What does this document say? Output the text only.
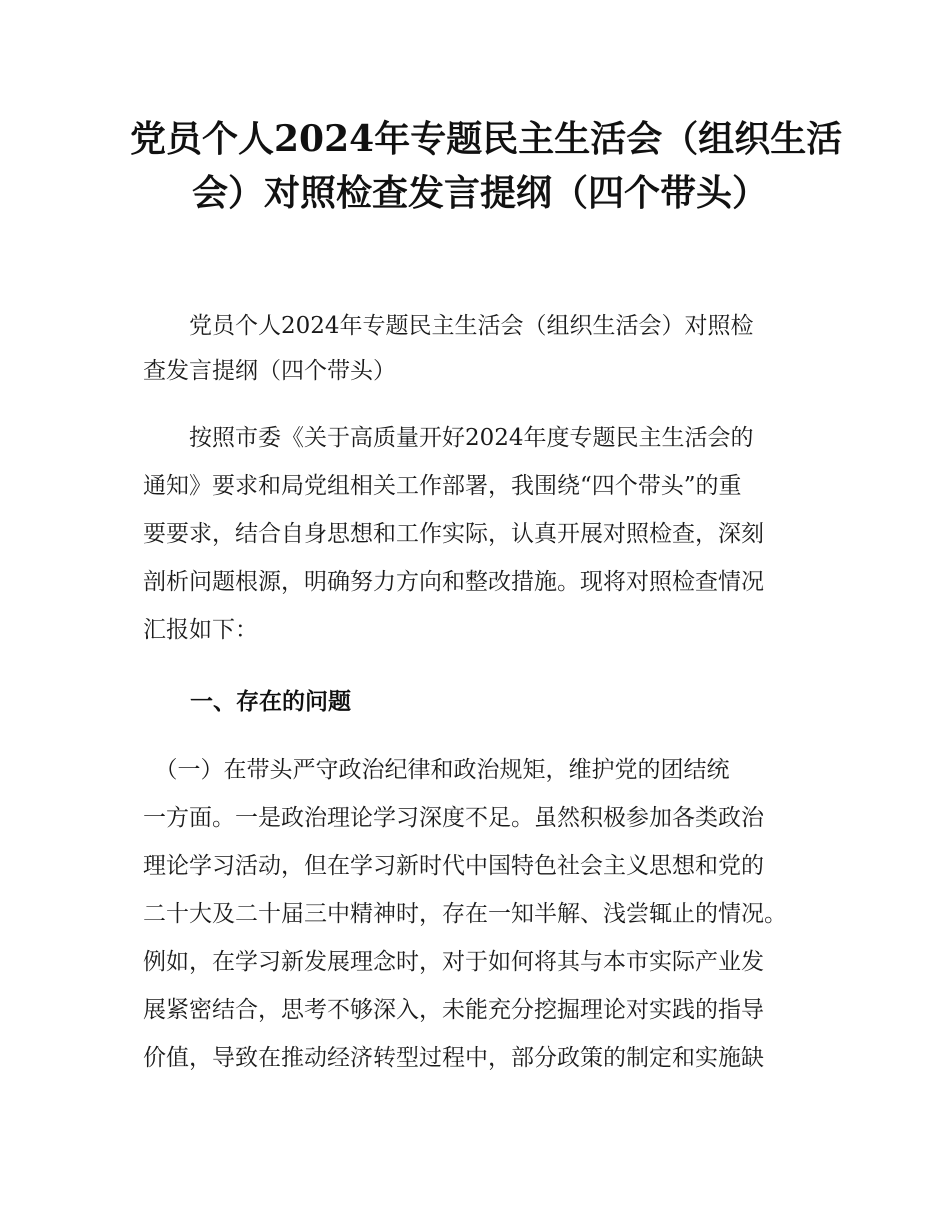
党员个人2024年专题民主生活会（组织生活
会）对照检查发言提纲（四个带头）

　　党员个人2024年专题民主生活会（组织生活会）对照检
查发言提纲（四个带头）

　　按照市委《关于高质量开好2024年度专题民主生活会的
通知》要求和局党组相关工作部署，我围绕“四个带头”的重
要要求，结合自身思想和工作实际，认真开展对照检查，深刻
剖析问题根源，明确努力方向和整改措施。现将对照检查情况
汇报如下：

一、存在的问题

　（一）在带头严守政治纪律和政治规矩，维护党的团结统
一方面。一是政治理论学习深度不足。虽然积极参加各类政治
理论学习活动，但在学习新时代中国特色社会主义思想和党的
二十大及二十届三中精神时，存在一知半解、浅尝辄止的情况。
例如，在学习新发展理念时，对于如何将其与本市实际产业发
展紧密结合，思考不够深入，未能充分挖掘理论对实践的指导
价值，导致在推动经济转型过程中，部分政策的制定和实施缺
